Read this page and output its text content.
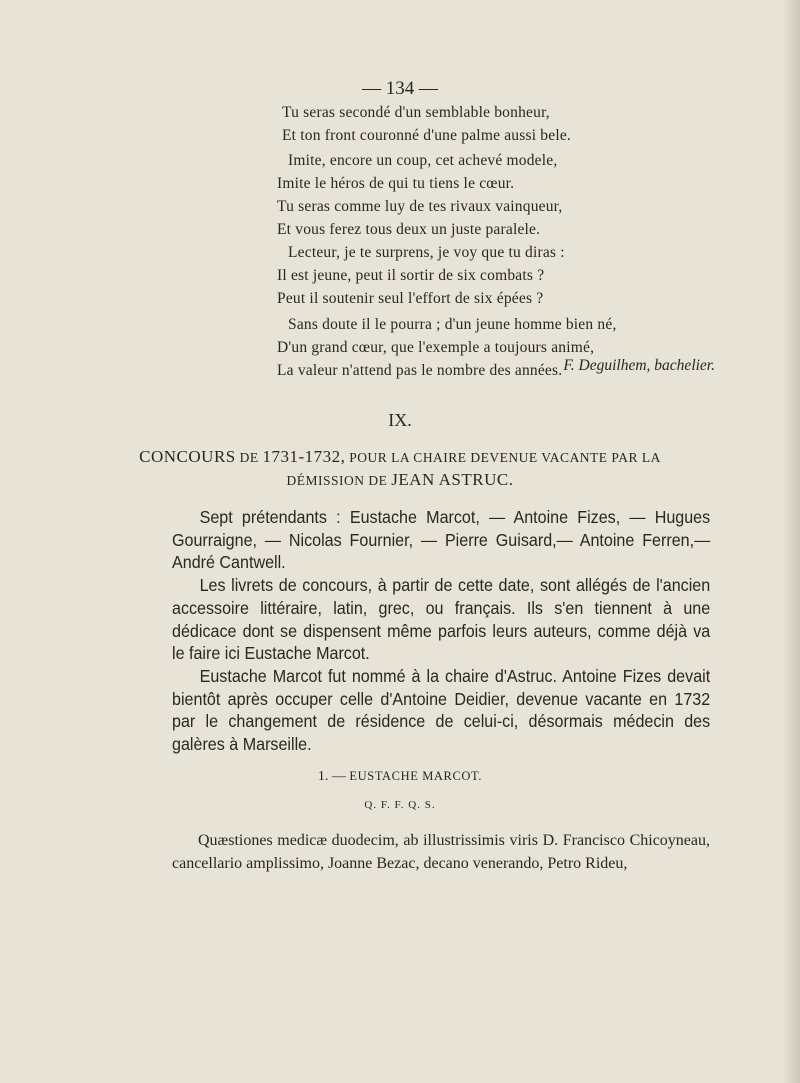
— 134 —
Tu seras secondé d'un semblable bonheur,
Et ton front couronné d'une palme aussi bele.
Imite, encore un coup, cet achevé modele,
Imite le héros de qui tu tiens le cœur.
Tu seras comme luy de tes rivaux vainqueur,
Et vous ferez tous deux un juste paralele.
Lecteur, je te surprens, je voy que tu diras :
Il est jeune, peut il sortir de six combats ?
Peut il soutenir seul l'effort de six épées ?
Sans doute il le pourra ; d'un jeune homme bien né,
D'un grand cœur, que l'exemple a toujours animé,
La valeur n'attend pas le nombre des années. F. Deguilhem, bachelier.
IX.
CONCOURS DE 1731-1732, POUR LA CHAIRE DEVENUE VACANTE PAR LA
DÉMISSION DE JEAN ASTRUC.

Sept prétendants : Eustache Marcot, — Antoine Fizes, — Hugues Gourraigne, — Nicolas Fournier, — Pierre Guisard,— Antoine Ferren,— André Cantwell.

Les livrets de concours, à partir de cette date, sont allégés de l'ancien accessoire littéraire, latin, grec, ou français. Ils s'en tiennent à une dédicace dont se dispensent même parfois leurs auteurs, comme déjà va le faire ici Eustache Marcot.

Eustache Marcot fut nommé à la chaire d'Astruc. Antoine Fizes devait bientôt après occuper celle d'Antoine Deidier, devenue vacante en 1732 par le changement de résidence de celui-ci, désormais médecin des galères à Marseille.

1. — EUSTACHE MARCOT.
Q. F. F. Q. S.

Quæstiones medicæ duodecim, ab illustrissimis viris D. Francisco Chicoyneau, cancellario amplissimo, Joanne Bezac, decano venerando, Petro Rideu,
